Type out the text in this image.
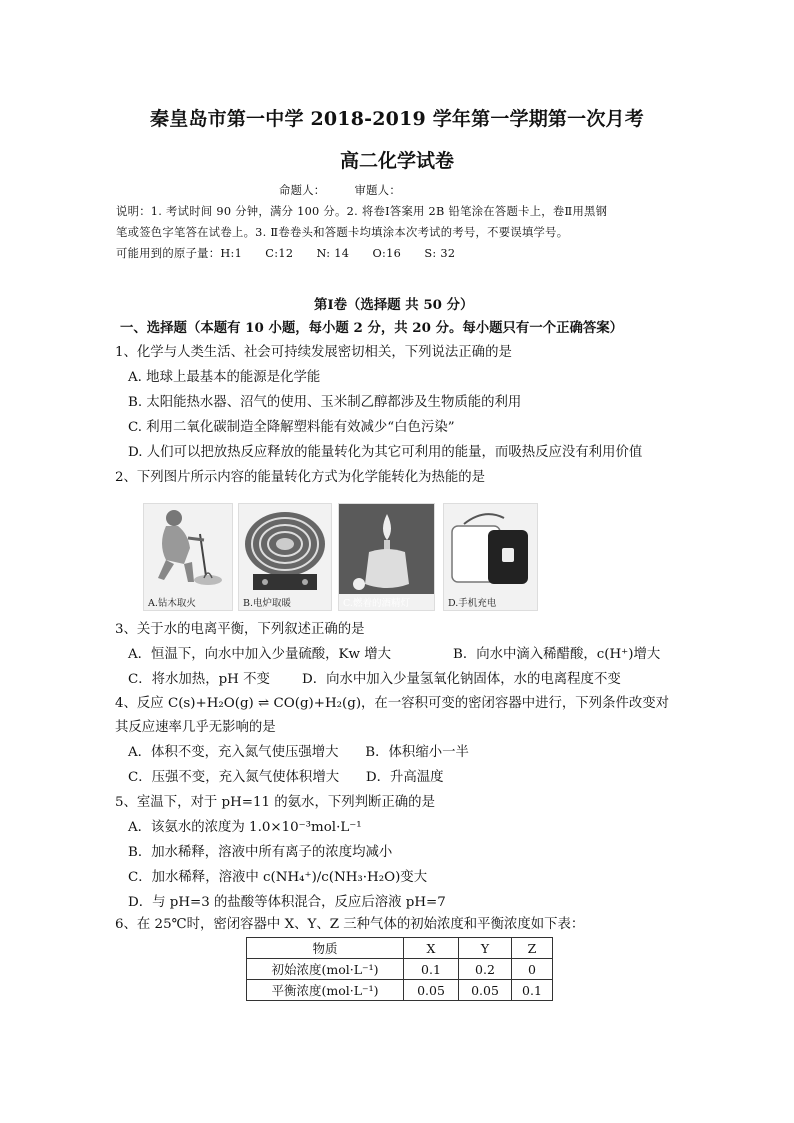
秦皇岛市第一中学 2018-2019 学年第一学期第一次月考
高二化学试卷
命题人：　　　审题人：
说明：1. 考试时间 90 分钟，满分 100 分。2. 将卷Ⅰ答案用 2B 铅笔涂在答题卡上，卷Ⅱ用黑钢
笔或签色字笔答在试卷上。3. Ⅱ卷卷头和答题卡均填涂本次考试的考号，不要误填学号。
可能用到的原子量：H:1　　C:12　　N: 14　　O:16　　S: 32
第Ⅰ卷（选择题 共 50 分）
一、选择题（本题有 10 小题，每小题 2 分，共 20 分。每小题只有一个正确答案）
1、化学与人类生活、社会可持续发展密切相关，下列说法正确的是
A. 地球上最基本的能源是化学能
B. 太阳能热水器、沼气的使用、玉米制乙醇都涉及生物质能的利用
C. 利用二氧化碳制造全降解塑料能有效减少“白色污染”
D. 人们可以把放热反应释放的能量转化为其它可利用的能量，而吸热反应没有利用价值
2、下列图片所示内容的能量转化方式为化学能转化为热能的是
A.钻木取火	B.电炉取暖	C.燃着的酒精灯	D.手机充电
3、关于水的电离平衡，下列叙述正确的是
A．恒温下，向水中加入少量硫酸，Kw 增大	B．向水中滴入稀醋酸，c(H⁺)增大
C．将水加热，pH 不变 D．向水中加入少量氢氧化钠固体，水的电离程度不变
4、反应 C(s)+H₂O(g) ⇌ CO(g)+H₂(g)，在一容积可变的密闭容器中进行，下列条件改变对
其反应速率几乎无影响的是
A．体积不变，充入氮气使压强增大　　B．体积缩小一半
C．压强不变，充入氮气使体积增大　　D．升高温度
5、室温下，对于 pH=11 的氨水，下列判断正确的是
A．该氨水的浓度为 1.0×10⁻³mol·L⁻¹
B．加水稀释，溶液中所有离子的浓度均减小
C．加水稀释，溶液中 c(NH₄⁺)/c(NH₃·H₂O)变大
D．与 pH=3 的盐酸等体积混合，反应后溶液 pH=7
6、在 25℃时，密闭容器中 X、Y、Z 三种气体的初始浓度和平衡浓度如下表：
物质	X	Y	Z
初始浓度(mol·L⁻¹)	0.1	0.2	0
平衡浓度(mol·L⁻¹)	0.05	0.05	0.1
